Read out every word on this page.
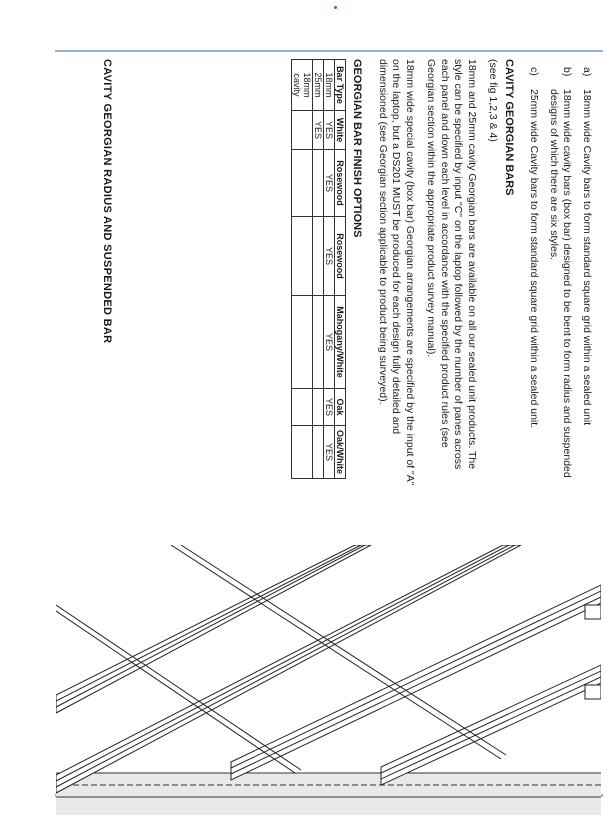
a)
18mm wide Cavity bars to form standard square grid within a sealed unit
b)
18mm wide cavity bars (box bar) designed to be bent to form radius and suspended designs of which there are six styles.
c)
25mm wide Cavity bars to form standard square grid within a sealed unit.
CAVITY GEORGIAN BARS
(see fig 1,2,3 & 4)

18mm and 25mm cavity Georgian bars are available on all our sealed unit products. The style can be specified by input "C" on the laptop followed by the number of panes across each panel and down each level in accordance with the specified product rules (see Georgian section within the appropriate product survey manual).

18mm wide special cavity (box bar) Georgian arrangements are specified by the input of "A" on the laptop, but a DS201 MUST be produced for each design fully detailed and dimensioned (see Georgian section applicable to product being surveyed).

GEORGIAN BAR FINISH OPTIONS
Bar Type	White	Rosewood	Rosewood	Mahogany/White	Oak	Oak/White
18mm	YES	YES	YES	YES	YES	YES
25mm	YES					
18mm cavity						
CAVITY GEORGIAN RADIUS AND SUSPENDED BAR
